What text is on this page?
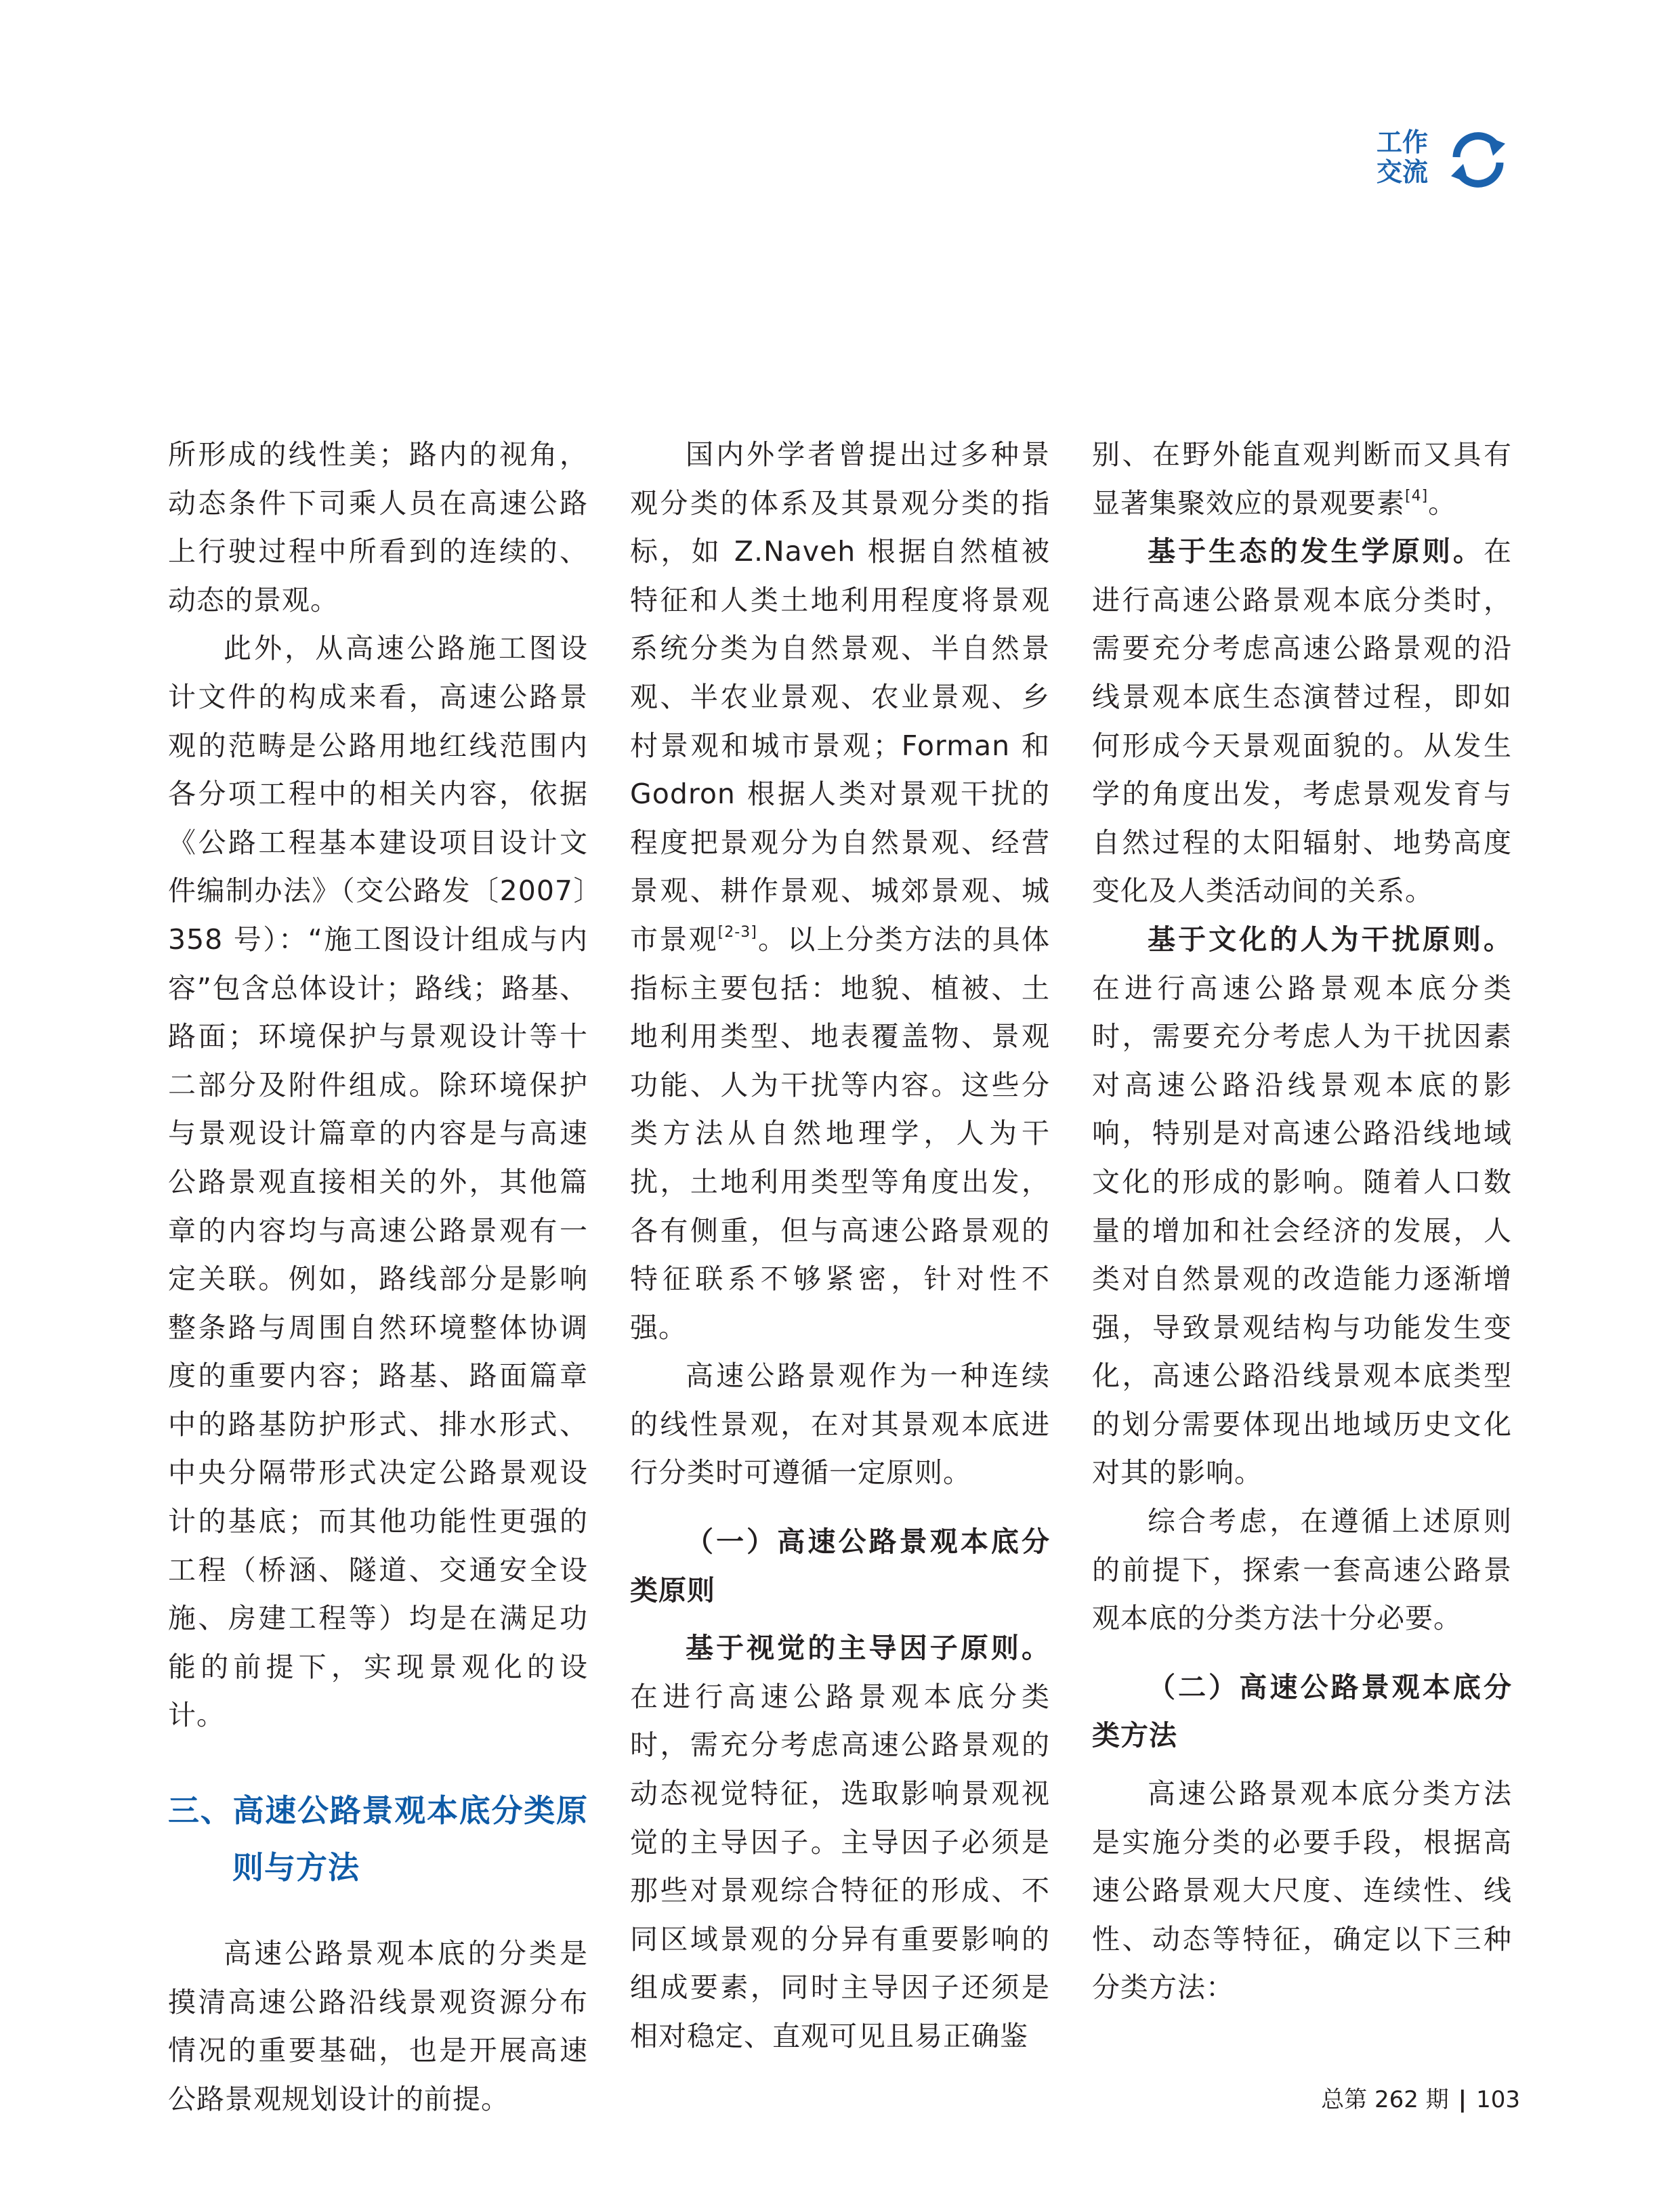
工作
交流

所形成的线性美；路内的视角，动态条件下司乘人员在高速公路上行驶过程中所看到的连续的、动态的景观。

此外，从高速公路施工图设计文件的构成来看，高速公路景观的范畴是公路用地红线范围内各分项工程中的相关内容，依据《公路工程基本建设项目设计文件编制办法》（交公路发〔2007〕358 号）：“施工图设计组成与内容”包含总体设计；路线；路基、路面；环境保护与景观设计等十二部分及附件组成。除环境保护与景观设计篇章的内容是与高速公路景观直接相关的外，其他篇章的内容均与高速公路景观有一定关联。例如，路线部分是影响整条路与周围自然环境整体协调度的重要内容；路基、路面篇章中的路基防护形式、排水形式、中央分隔带形式决定公路景观设计的基底；而其他功能性更强的工程（桥涵、隧道、交通安全设施、房建工程等）均是在满足功能的前提下，实现景观化的设计。

三、高速公路景观本底分类原则与方法

高速公路景观本底的分类是摸清高速公路沿线景观资源分布情况的重要基础，也是开展高速公路景观规划设计的前提。

国内外学者曾提出过多种景观分类的体系及其景观分类的指标，如 Z.Naveh 根据自然植被特征和人类土地利用程度将景观系统分类为自然景观、半自然景观、半农业景观、农业景观、乡村景观和城市景观；Forman 和 Godron 根据人类对景观干扰的程度把景观分为自然景观、经营景观、耕作景观、城郊景观、城市景观[2-3]。以上分类方法的具体指标主要包括：地貌、植被、土地利用类型、地表覆盖物、景观功能、人为干扰等内容。这些分类方法从自然地理学，人为干扰，土地利用类型等角度出发，各有侧重，但与高速公路景观的特征联系不够紧密，针对性不强。

高速公路景观作为一种连续的线性景观，在对其景观本底进行分类时可遵循一定原则。

（一）高速公路景观本底分类原则

基于视觉的主导因子原则。在进行高速公路景观本底分类时，需充分考虑高速公路景观的动态视觉特征，选取影响景观视觉的主导因子。主导因子必须是那些对景观综合特征的形成、不同区域景观的分异有重要影响的组成要素，同时主导因子还须是相对稳定、直观可见且易正确鉴

别、在野外能直观判断而又具有显著集聚效应的景观要素[4]。

基于生态的发生学原则。在进行高速公路景观本底分类时，需要充分考虑高速公路景观的沿线景观本底生态演替过程，即如何形成今天景观面貌的。从发生学的角度出发，考虑景观发育与自然过程的太阳辐射、地势高度变化及人类活动间的关系。

基于文化的人为干扰原则。在进行高速公路景观本底分类时，需要充分考虑人为干扰因素对高速公路沿线景观本底的影响，特别是对高速公路沿线地域文化的形成的影响。随着人口数量的增加和社会经济的发展，人类对自然景观的改造能力逐渐增强，导致景观结构与功能发生变化，高速公路沿线景观本底类型的划分需要体现出地域历史文化对其的影响。

综合考虑，在遵循上述原则的前提下，探索一套高速公路景观本底的分类方法十分必要。

（二）高速公路景观本底分类方法

高速公路景观本底分类方法是实施分类的必要手段，根据高速公路景观大尺度、连续性、线性、动态等特征，确定以下三种分类方法：

总第 262 期 | 103
